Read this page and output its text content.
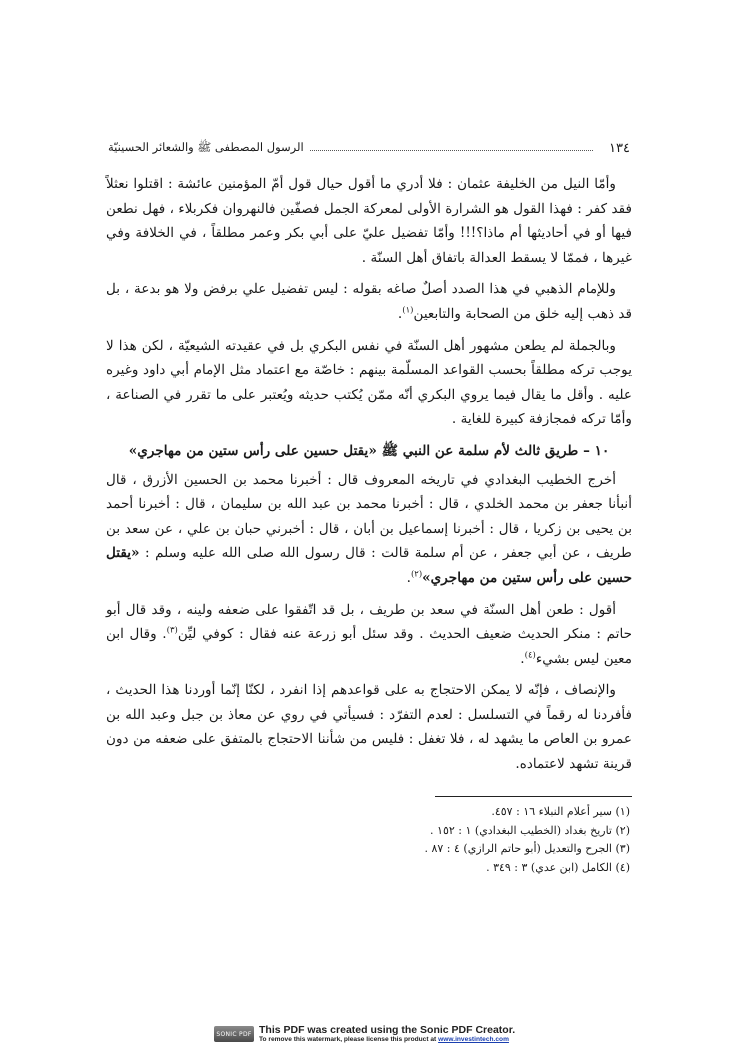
١٣٤
الرسول المصطفى ﷺ والشعائر الحسينيّة

وأمّا النيل من الخليفة عثمان : فلا أدري ما أقول حيال قول أمّ المؤمنين عائشة : اقتلوا نعثلاً فقد كفر : فهذا القول هو الشرارة الأولى لمعركة الجمل فصفّين فالنهروان فكربلاء ، فهل نطعن فيها أو في أحاديثها أم ماذا؟!!! وأمّا تفضيل عليّ على أبي بكر وعمر مطلقاً ، في الخلافة وفي غيرها ، فممّا لا يسقط العدالة باتفاق أهل السنّة .

وللإمام الذهبي في هذا الصدد أصلٌ صاغه بقوله : ليس تفضيل علي برفض ولا هو بدعة ، بل قد ذهب إليه خلق من الصحابة والتابعين$^{(١)}$.

وبالجملة لم يطعن مشهور أهل السنّة في نفس البكري بل في عقيدته الشيعيّة ، لكن هذا لا يوجب تركه مطلقاً بحسب القواعد المسلّمة بينهم : خاصّة مع اعتماد مثل الإمام أبي داود وغيره عليه . وأقل ما يقال فيما يروي البكري أنّه ممّن يُكتب حديثه ويُعتبر على ما تقرر في الصناعة ، وأمّا تركه فمجازفة كبيرة للغاية .

١٠ – طريق ثالث لأم سلمة عن النبي ﷺ «يقتل حسين على رأس ستين من مهاجري»

أخرج الخطيب البغدادي في تاريخه المعروف قال : أخبرنا محمد بن الحسين الأزرق ، قال أنبأنا جعفر بن محمد الخلدي ، قال : أخبرنا محمد بن عبد الله بن سليمان ، قال : أخبرنا أحمد بن يحيى بن زكريا ، قال : أخبرنا إسماعيل بن أبان ، قال : أخبرني حبان بن علي ، عن سعد بن طريف ، عن أبي جعفر ، عن أم سلمة قالت : قال رسول الله صلى الله عليه وسلم : «يقتل حسين على رأس ستين من مهاجري»$^{(٢)}$.

أقول : طعن أهل السنّة في سعد بن طريف ، بل قد اتّفقوا على ضعفه ولينه ، وقد قال أبو حاتم : منكر الحديث ضعيف الحديث . وقد سئل أبو زرعة عنه فقال : كوفي ليِّن$^{(٣)}$. وقال ابن معين ليس بشيء$^{(٤)}$.

والإنصاف ، فإنّه لا يمكن الاحتجاج به على قواعدهم إذا انفرد ، لكنّا إنّما أوردنا هذا الحديث ، فأفردنا له رقماً في التسلسل : لعدم التفرّد : فسيأتي في روي عن معاذ بن جبل وعبد الله بن عمرو بن العاص ما يشهد له ، فلا تغفل : فليس من شأننا الاحتجاج بالمتفق على ضعفه من دون قرينة تشهد لاعتماده.

(١) سير أعلام النبلاء ١٦ : ٤٥٧.
(٢) تاريخ بغداد (الخطيب البغدادي) ١ : ١٥٢ .
(٣) الجرح والتعديل (أبو حاتم الرازي) ٤ : ٨٧ .
(٤) الكامل (ابن عدي) ٣ : ٣٤٩ .
SONIC PDF This PDF was created using the Sonic PDF Creator.
To remove this watermark, please license this product at www.investintech.com
